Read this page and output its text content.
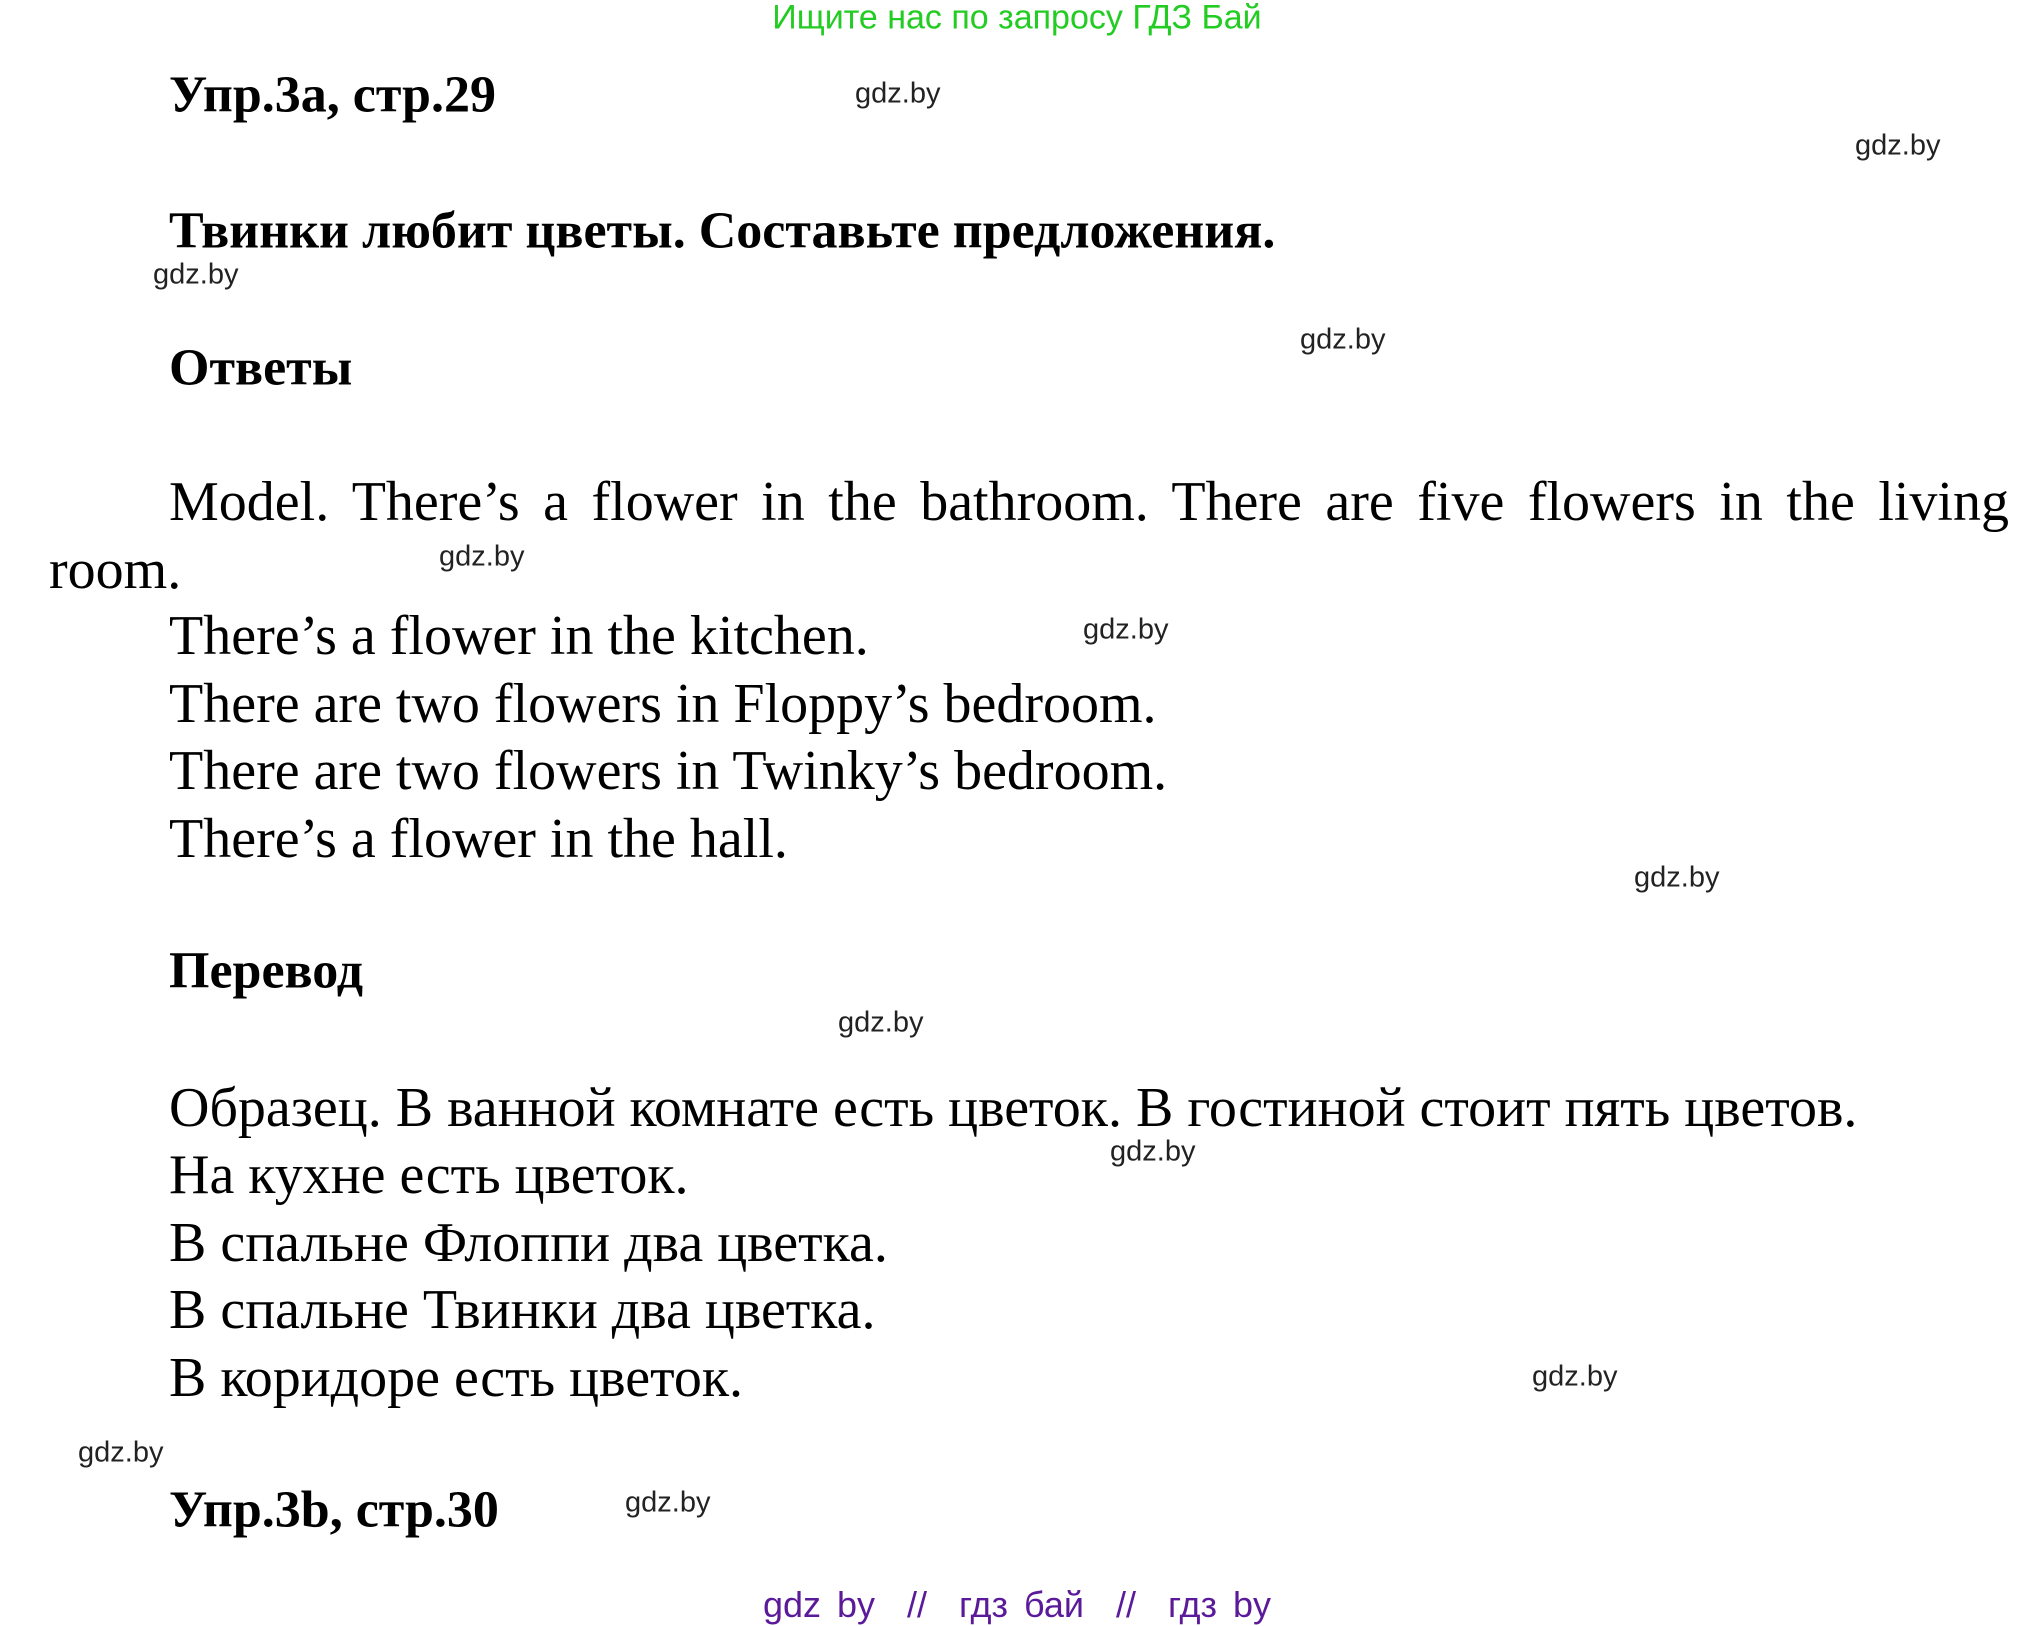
Ищите нас по запросу ГДЗ Бай
Упр.3a, стр.29
Твинки любит цветы. Составьте предложения.
Ответы
Model. There’s a flower in the bathroom. There are five flowers in the living room.
There’s a flower in the kitchen.
There are two flowers in Floppy’s bedroom.
There are two flowers in Twinky’s bedroom.
There’s a flower in the hall.
Перевод
Образец. В ванной комнате есть цветок. В гостиной стоит пять цветов.
На кухне есть цветок.
В спальне Флоппи два цветка.
В спальне Твинки два цветка.
В коридоре есть цветок.
Упр.3b, стр.30
gdz.by
gdz.by
gdz.by
gdz.by
gdz.by
gdz.by
gdz.by
gdz.by
gdz.by
gdz.by
gdz.by
gdz.by
gdz by  //  гдз бай  //  гдз by
